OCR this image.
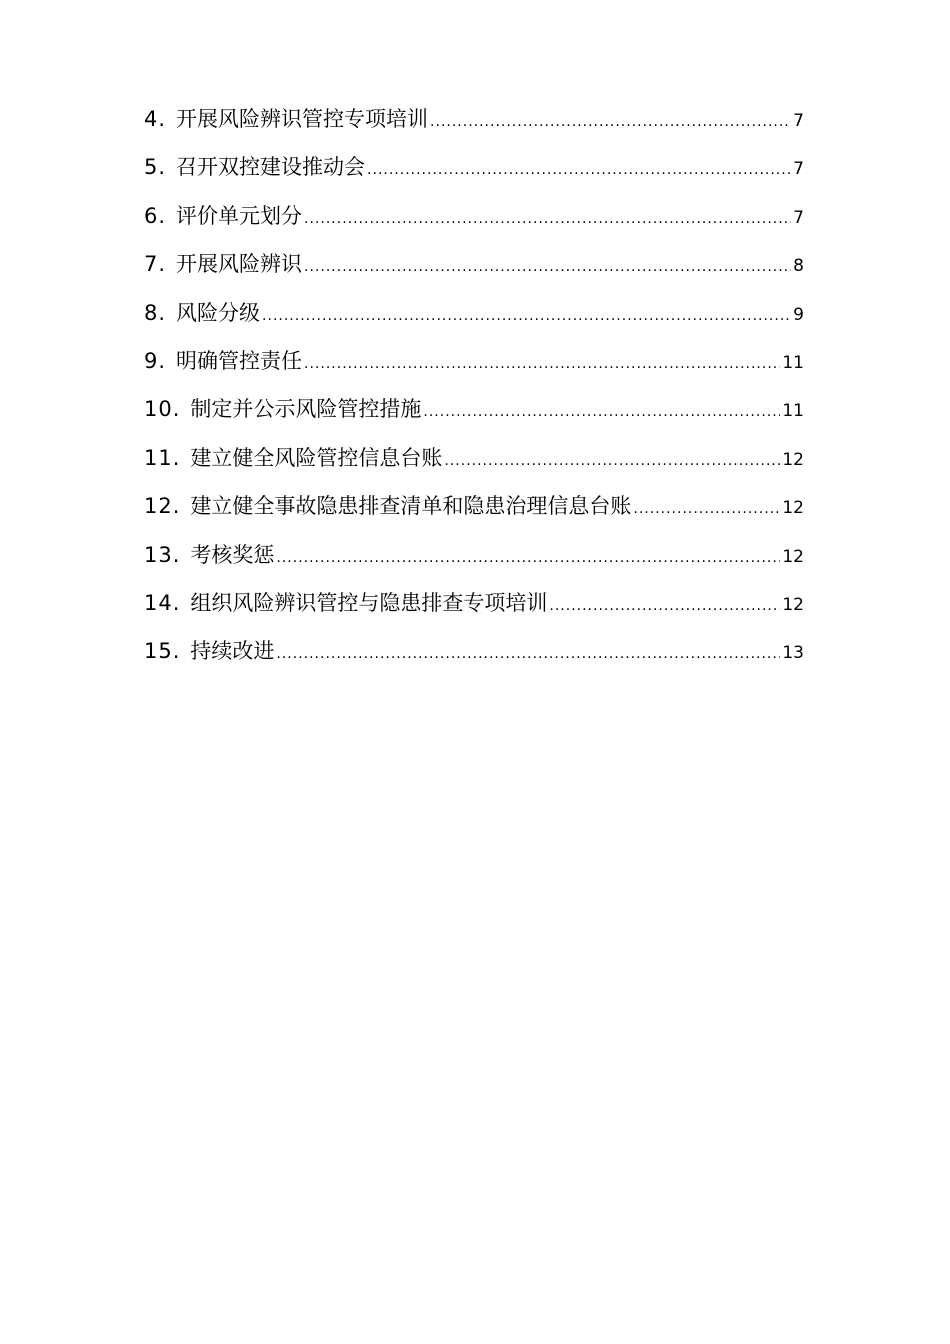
4. 开展风险辨识管控专项培训 .....	7
5. 召开双控建设推动会 .....	7
6. 评价单元划分 .....	7
7. 开展风险辨识 .....	8
8. 风险分级 .....	9
9. 明确管控责任 .....	11
10. 制定并公示风险管控措施 .....	11
11. 建立健全风险管控信息台账 .....	12
12. 建立健全事故隐患排查清单和隐患治理信息台账 .....	12
13. 考核奖惩 .....	12
14. 组织风险辨识管控与隐患排查专项培训 .....	12
15. 持续改进 .....	13
